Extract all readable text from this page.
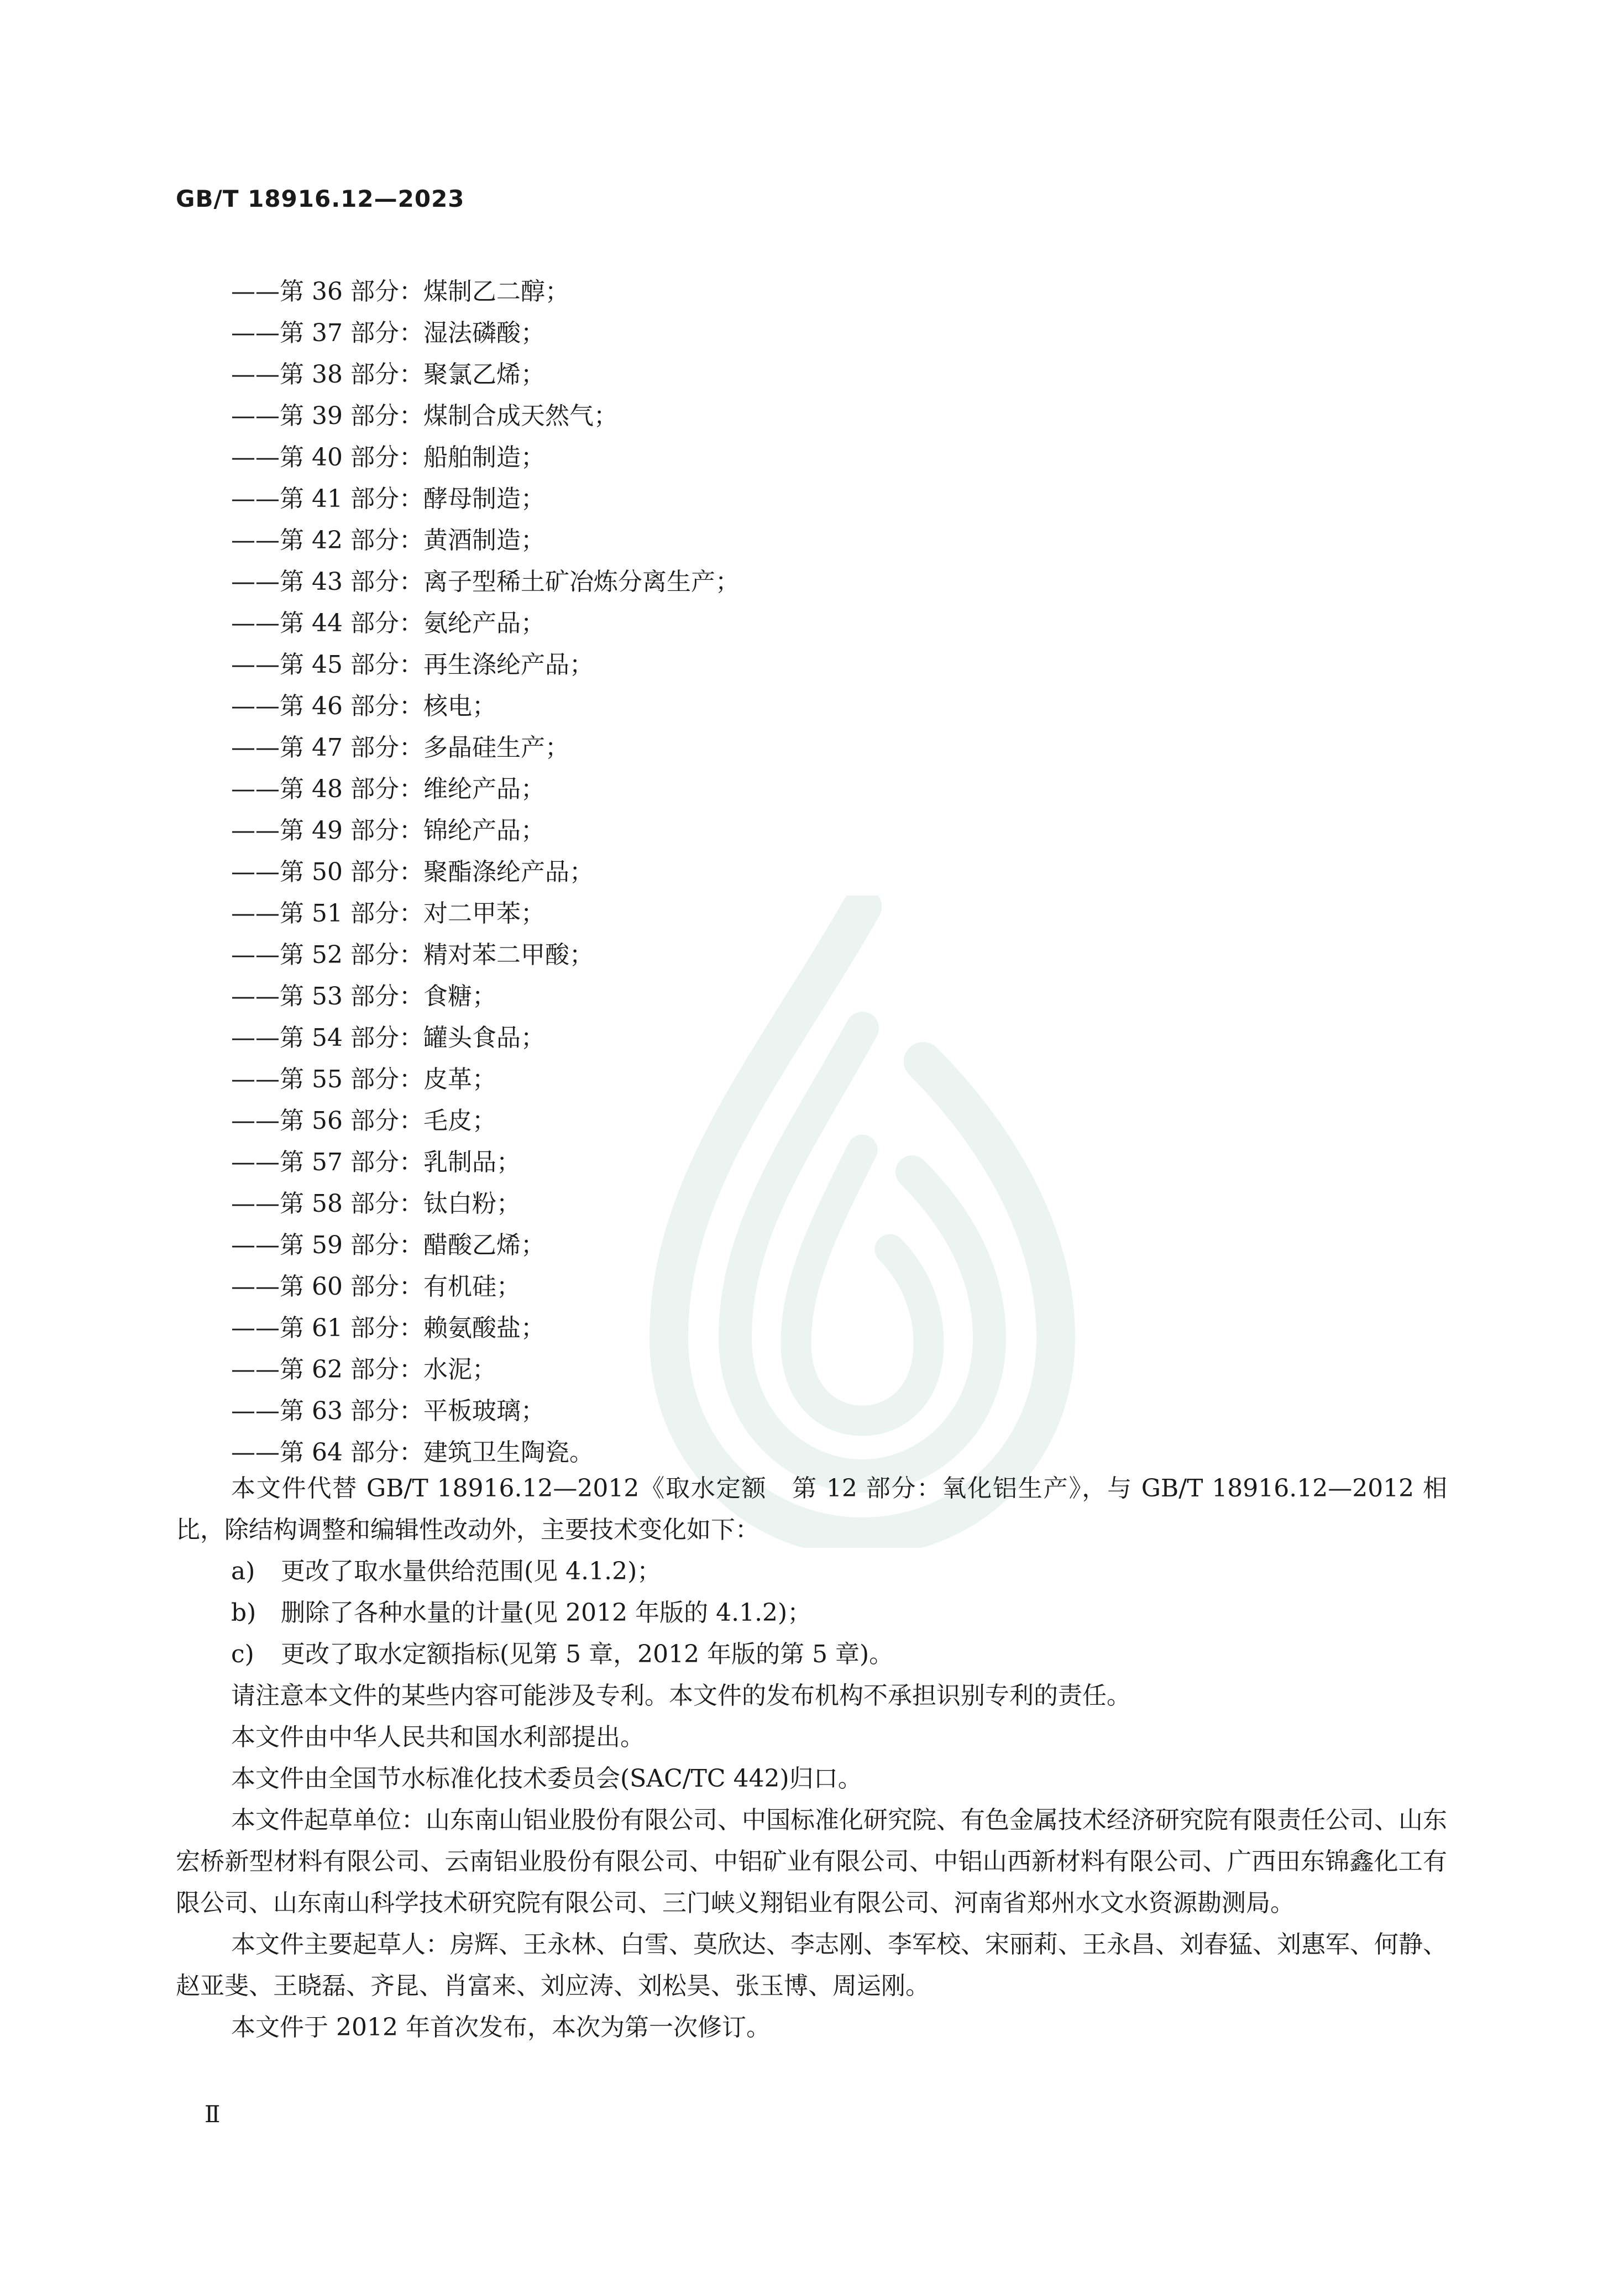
GB/T 18916.12—2023
——第 36 部分：煤制乙二醇；
——第 37 部分：湿法磷酸；
——第 38 部分：聚氯乙烯；
——第 39 部分：煤制合成天然气；
——第 40 部分：船舶制造；
——第 41 部分：酵母制造；
——第 42 部分：黄酒制造；
——第 43 部分：离子型稀土矿冶炼分离生产；
——第 44 部分：氨纶产品；
——第 45 部分：再生涤纶产品；
——第 46 部分：核电；
——第 47 部分：多晶硅生产；
——第 48 部分：维纶产品；
——第 49 部分：锦纶产品；
——第 50 部分：聚酯涤纶产品；
——第 51 部分：对二甲苯；
——第 52 部分：精对苯二甲酸；
——第 53 部分：食糖；
——第 54 部分：罐头食品；
——第 55 部分：皮革；
——第 56 部分：毛皮；
——第 57 部分：乳制品；
——第 58 部分：钛白粉；
——第 59 部分：醋酸乙烯；
——第 60 部分：有机硅；
——第 61 部分：赖氨酸盐；
——第 62 部分：水泥；
——第 63 部分：平板玻璃；
——第 64 部分：建筑卫生陶瓷。

本文件代替 GB/T 18916.12—2012《取水定额　第 12 部分：氧化铝生产》，与 GB/T 18916.12—2012 相比，除结构调整和编辑性改动外，主要技术变化如下：

a) 更改了取水量供给范围(见 4.1.2)；

b) 删除了各种水量的计量(见 2012 年版的 4.1.2)；

c) 更改了取水定额指标(见第 5 章，2012 年版的第 5 章)。

请注意本文件的某些内容可能涉及专利。本文件的发布机构不承担识别专利的责任。

本文件由中华人民共和国水利部提出。

本文件由全国节水标准化技术委员会(SAC/TC 442)归口。

本文件起草单位：山东南山铝业股份有限公司、中国标准化研究院、有色金属技术经济研究院有限责任公司、山东宏桥新型材料有限公司、云南铝业股份有限公司、中铝矿业有限公司、中铝山西新材料有限公司、广西田东锦鑫化工有限公司、山东南山科学技术研究院有限公司、三门峡义翔铝业有限公司、河南省郑州水文水资源勘测局。

本文件主要起草人：房辉、王永林、白雪、莫欣达、李志刚、李军校、宋丽莉、王永昌、刘春猛、刘惠军、何静、赵亚斐、王晓磊、齐昆、肖富来、刘应涛、刘松昊、张玉博、周运刚。

本文件于 2012 年首次发布，本次为第一次修订。

Ⅱ
